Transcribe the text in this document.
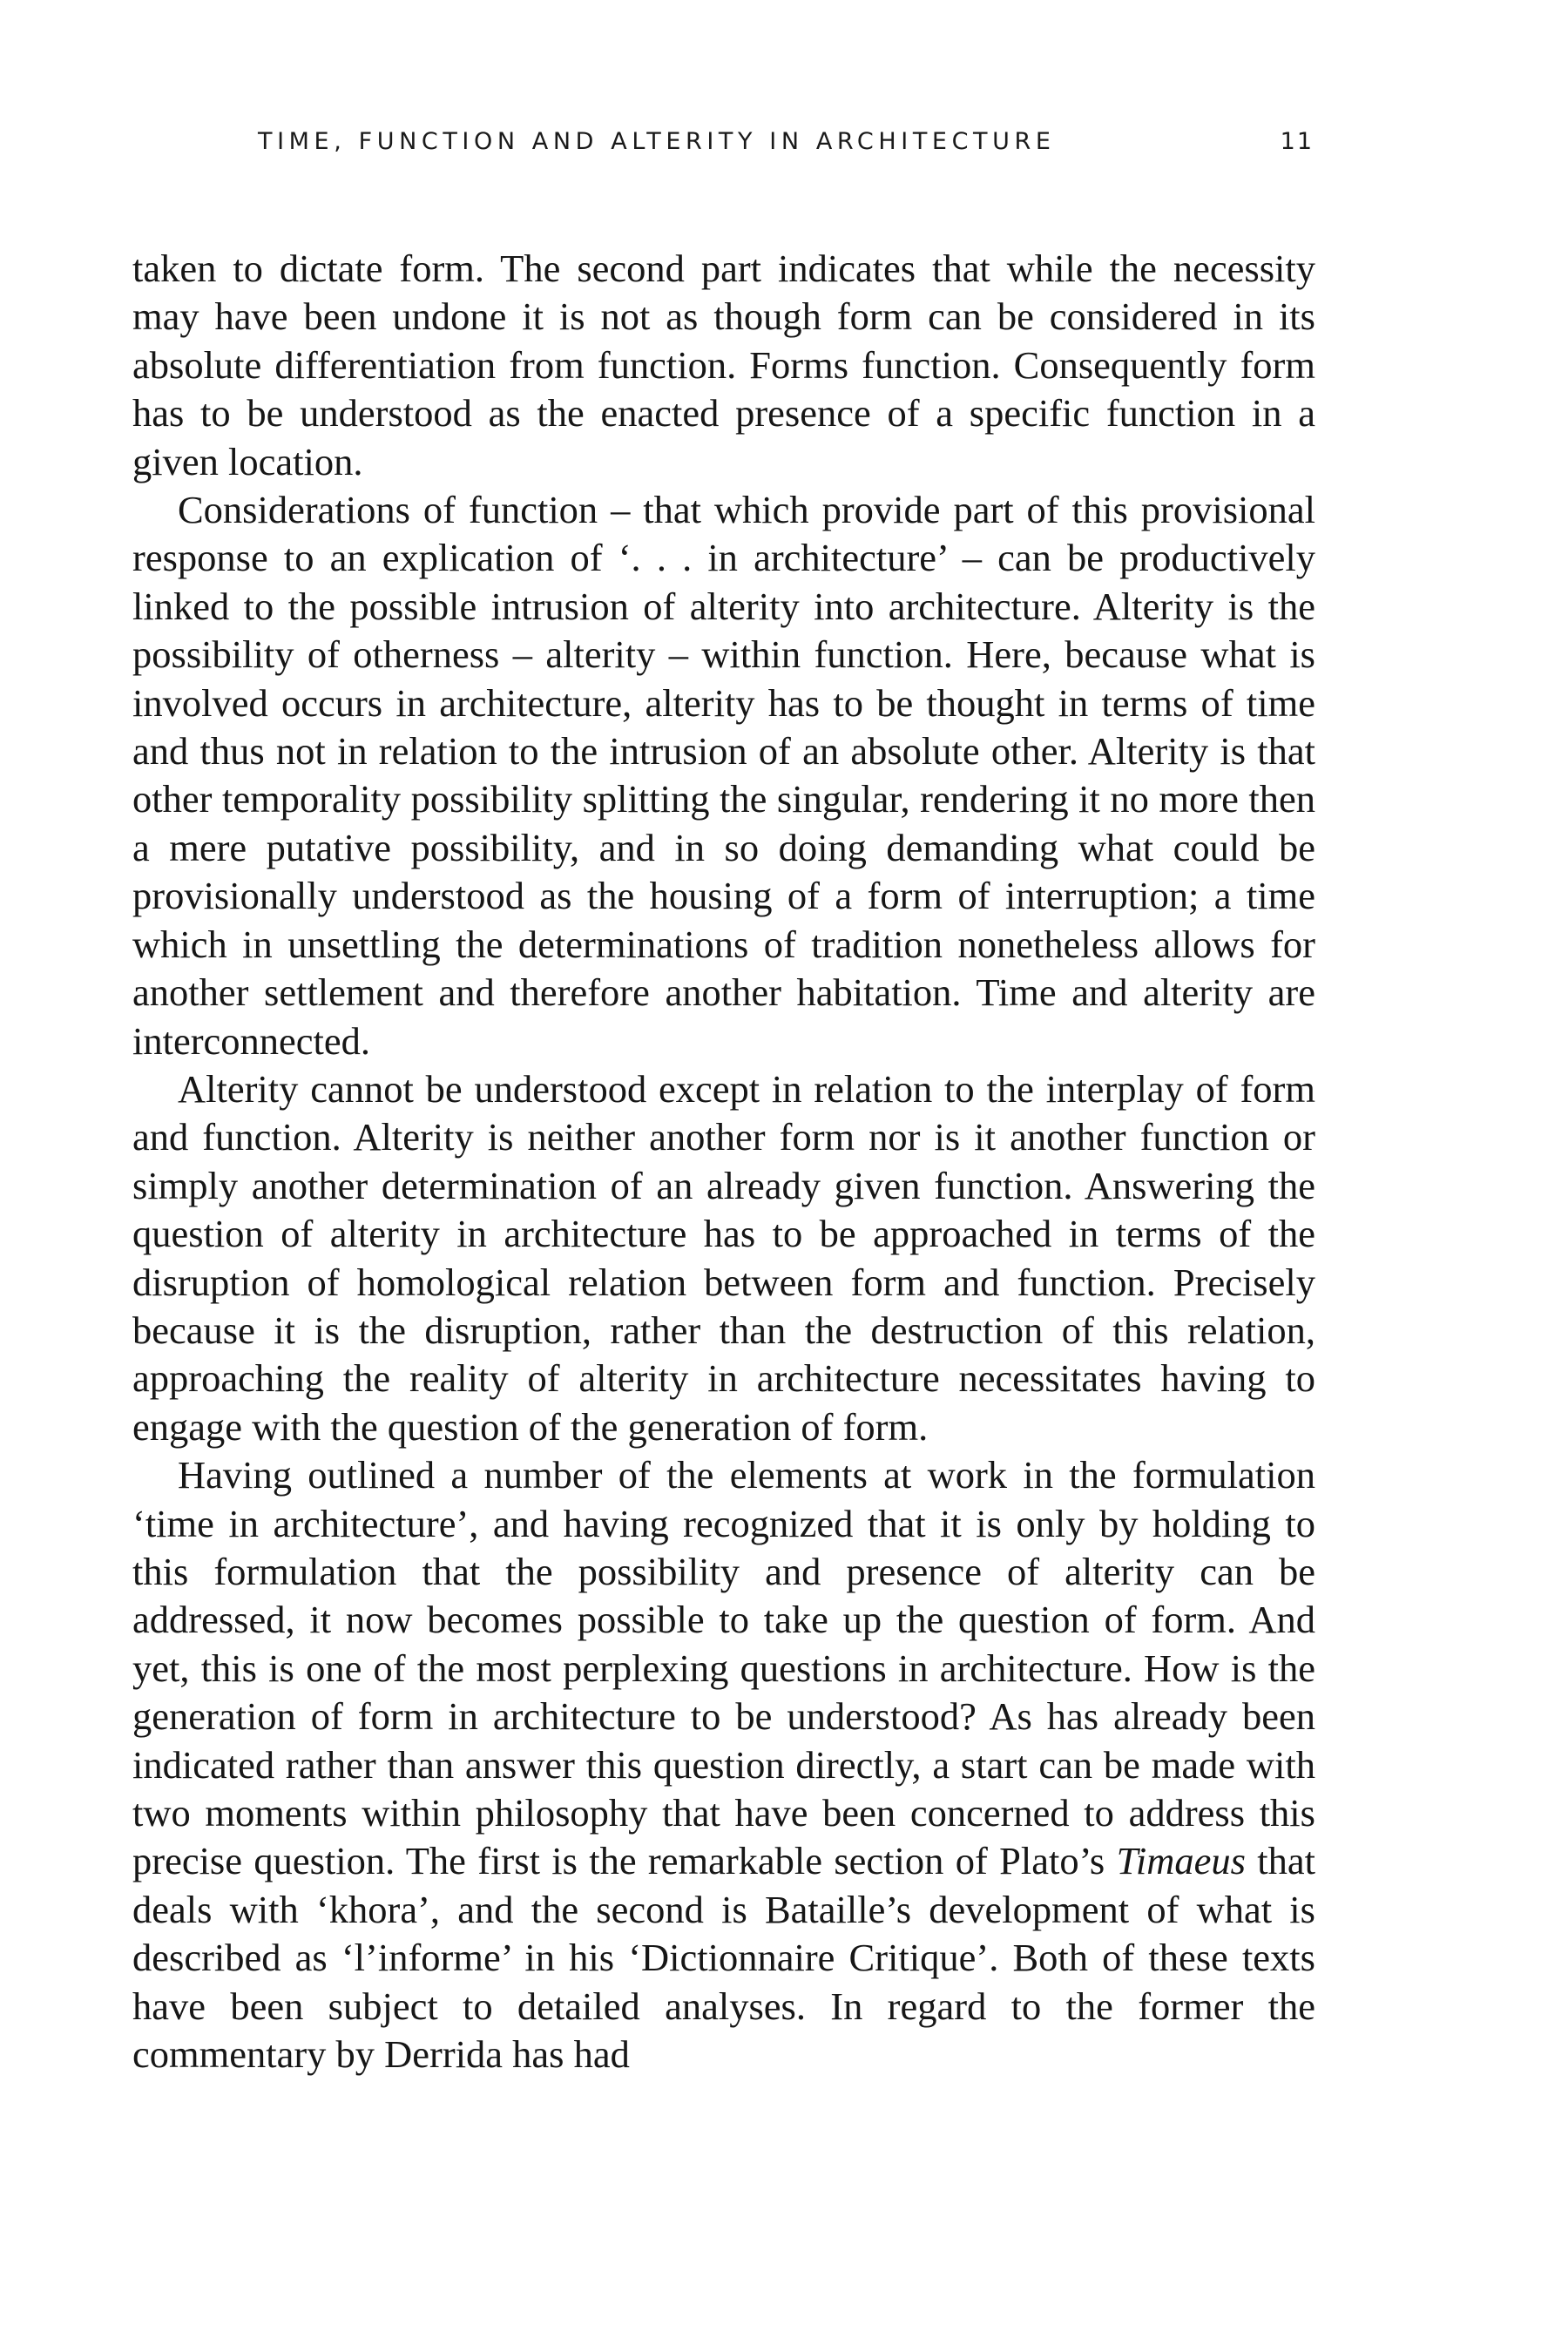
TIME, FUNCTION AND ALTERITY IN ARCHITECTURE	11

taken to dictate form. The second part indicates that while the necessity may have been undone it is not as though form can be considered in its absolute differentiation from function. Forms function. Consequently form has to be understood as the enacted presence of a specific function in a given location.

Considerations of function – that which provide part of this provisional response to an explication of ‘. . . in architecture’ – can be productively linked to the possible intrusion of alterity into architecture. Alterity is the possibility of otherness – alterity – within function. Here, because what is involved occurs in architecture, alterity has to be thought in terms of time and thus not in relation to the intrusion of an absolute other. Alterity is that other temporality possibility splitting the singular, rendering it no more then a mere putative possibility, and in so doing demanding what could be provisionally understood as the housing of a form of interruption; a time which in unsettling the determinations of tradition nonetheless allows for another settlement and therefore another habitation. Time and alterity are interconnected.

Alterity cannot be understood except in relation to the interplay of form and function. Alterity is neither another form nor is it another function or simply another determination of an already given function. Answering the question of alterity in architecture has to be approached in terms of the disruption of homological relation between form and function. Precisely because it is the disruption, rather than the destruction of this relation, approaching the reality of alterity in architecture necessitates having to engage with the question of the generation of form.

Having outlined a number of the elements at work in the formulation ‘time in architecture’, and having recognized that it is only by holding to this formulation that the possibility and presence of alterity can be addressed, it now becomes possible to take up the question of form. And yet, this is one of the most perplexing questions in architecture. How is the generation of form in architecture to be understood? As has already been indicated rather than answer this question directly, a start can be made with two moments within philosophy that have been concerned to address this precise question. The first is the remarkable section of Plato’s Timaeus that deals with ‘khora’, and the second is Bataille’s development of what is described as ‘l’informe’ in his ‘Dictionnaire Critique’. Both of these texts have been subject to detailed analyses. In regard to the former the commentary by Derrida has had
